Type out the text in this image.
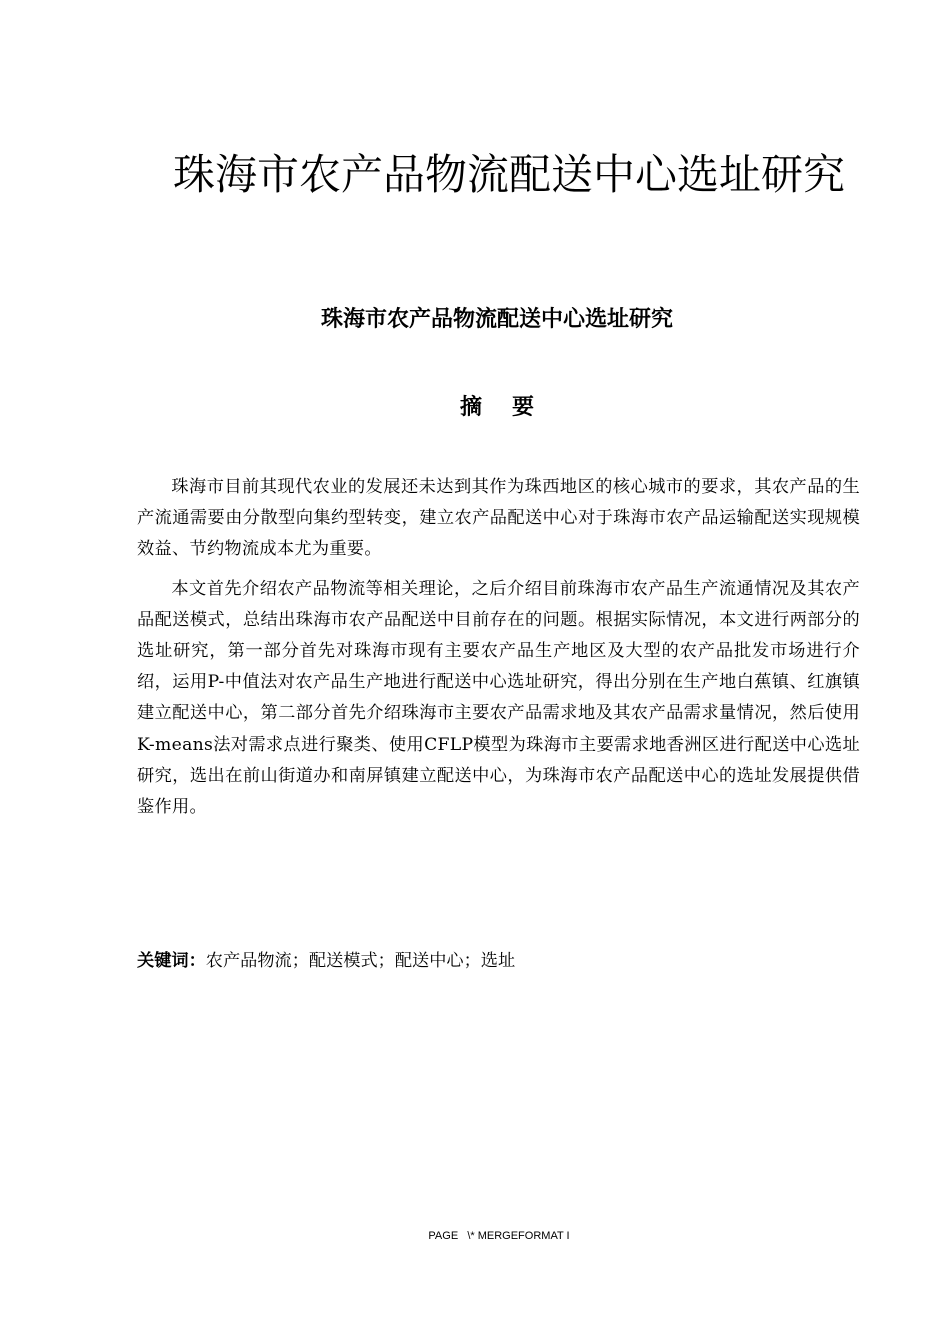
珠海市农产品物流配送中心选址研究
珠海市农产品物流配送中心选址研究
摘 要

珠海市目前其现代农业的发展还未达到其作为珠西地区的核心城市的要求，其农产品的生产流通需要由分散型向集约型转变，建立农产品配送中心对于珠海市农产品运输配送实现规模效益、节约物流成本尤为重要。

本文首先介绍农产品物流等相关理论，之后介绍目前珠海市农产品生产流通情况及其农产品配送模式，总结出珠海市农产品配送中目前存在的问题。根据实际情况，本文进行两部分的选址研究，第一部分首先对珠海市现有主要农产品生产地区及大型的农产品批发市场进行介绍，运用P-中值法对农产品生产地进行配送中心选址研究，得出分别在生产地白蕉镇、红旗镇建立配送中心，第二部分首先介绍珠海市主要农产品需求地及其农产品需求量情况，然后使用K-means法对需求点进行聚类、使用CFLP模型为珠海市主要需求地香洲区进行配送中心选址研究，选出在前山街道办和南屏镇建立配送中心，为珠海市农产品配送中心的选址发展提供借鉴作用。

关键词：农产品物流；配送模式；配送中心；选址
PAGE   \* MERGEFORMAT I
